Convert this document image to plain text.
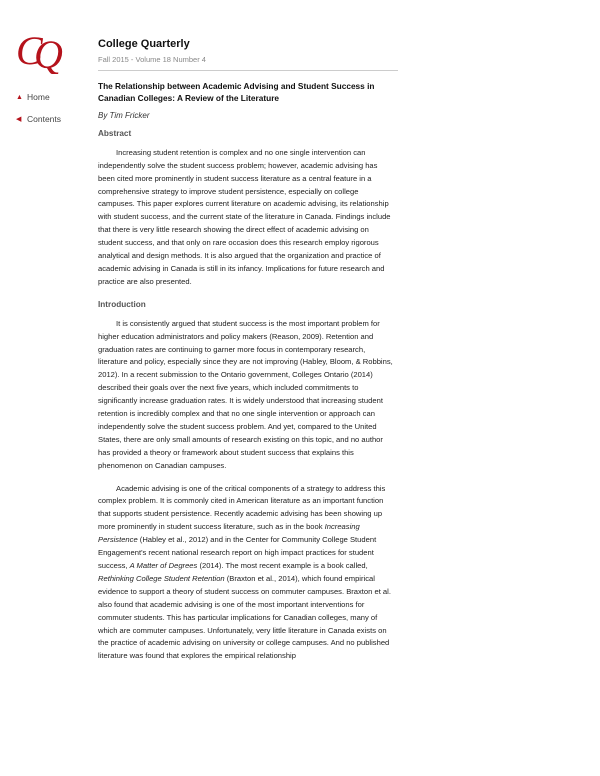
C
Q
▲ Home
◀ Contents
College Quarterly
Fall 2015 - Volume 18 Number 4
The Relationship between Academic Advising and Student Success in Canadian Colleges: A Review of the Literature
By Tim Fricker
Abstract

Increasing student retention is complex and no one single intervention can independently solve the student success problem; however, academic advising has been cited more prominently in student success literature as a central feature in a comprehensive strategy to improve student persistence, especially on college campuses. This paper explores current literature on academic advising, its relationship with student success, and the current state of the literature in Canada. Findings include that there is very little research showing the direct effect of academic advising on student success, and that only on rare occasion does this research employ rigorous analytical and design methods. It is also argued that the organization and practice of academic advising in Canada is still in its infancy. Implications for future research and practice are also presented.

Introduction

It is consistently argued that student success is the most important problem for higher education administrators and policy makers (Reason, 2009). Retention and graduation rates are continuing to garner more focus in contemporary research, literature and policy, especially since they are not improving (Habley, Bloom, & Robbins, 2012). In a recent submission to the Ontario government, Colleges Ontario (2014) described their goals over the next five years, which included commitments to significantly increase graduation rates. It is widely understood that increasing student retention is incredibly complex and that no one single intervention or approach can independently solve the student success problem. And yet, compared to the United States, there are only small amounts of research existing on this topic, and no author has provided a theory or framework about student success that explains this phenomenon on Canadian campuses.

Academic advising is one of the critical components of a strategy to address this complex problem. It is commonly cited in American literature as an important function that supports student persistence. Recently academic advising has been showing up more prominently in student success literature, such as in the book Increasing Persistence (Habley et al., 2012) and in the Center for Community College Student Engagement's recent national research report on high impact practices for student success, A Matter of Degrees (2014). The most recent example is a book called, Rethinking College Student Retention (Braxton et al., 2014), which found empirical evidence to support a theory of student success on commuter campuses. Braxton et al. also found that academic advising is one of the most important interventions for commuter students. This has particular implications for Canadian colleges, many of which are commuter campuses. Unfortunately, very little literature in Canada exists on the practice of academic advising on university or college campuses. And no published literature was found that explores the empirical relationship
